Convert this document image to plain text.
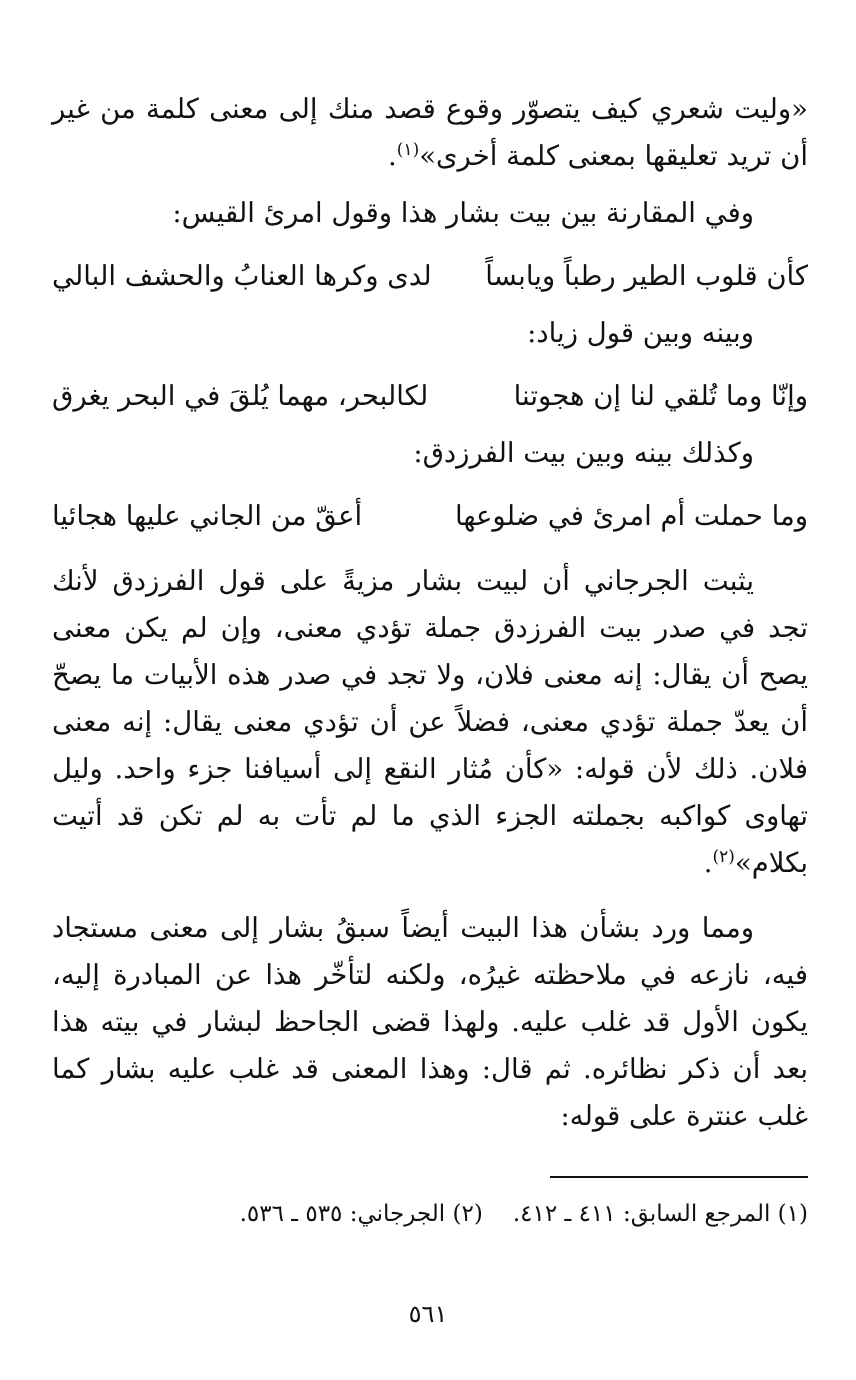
«وليت شعري كيف يتصوّر وقوع قصد منك إلى معنى كلمة من غير أن تريد تعليقها بمعنى كلمة أخرى»$^{(١)}$.

وفي المقارنة بين بيت بشار هذا وقول امرئ القيس:

كأن قلوب الطير رطباً ويابساً
لدى وكرها العنابُ والحشف البالي

وبينه وبين قول زياد:

وإنّا وما تُلقي لنا إن هجوتنا
لكالبحر، مهما يُلقَ في البحر يغرق

وكذلك بينه وبين بيت الفرزدق:

وما حملت أم امرئ في ضلوعها
أعقّ من الجاني عليها هجائيا

يثبت الجرجاني أن لبيت بشار مزيةً على قول الفرزدق لأنك تجد في صدر بيت الفرزدق جملة تؤدي معنى، وإن لم يكن معنى يصح أن يقال: إنه معنى فلان، ولا تجد في صدر هذه الأبيات ما يصحّ أن يعدّ جملة تؤدي معنى، فضلاً عن أن تؤدي معنى يقال: إنه معنى فلان. ذلك لأن قوله: «كأن مُثار النقع إلى أسيافنا جزء واحد. وليل تهاوى كواكبه بجملته الجزء الذي ما لم تأت به لم تكن قد أتيت بكلام»$^{(٢)}$.

ومما ورد بشأن هذا البيت أيضاً سبقُ بشار إلى معنى مستجاد فيه، نازعه في ملاحظته غيرُه، ولكنه لتأخّر هذا عن المبادرة إليه، يكون الأول قد غلب عليه. ولهذا قضى الجاحظ لبشار في بيته هذا بعد أن ذكر نظائره. ثم قال: وهذا المعنى قد غلب عليه بشار كما غلب عنترة على قوله:

(١) المرجع السابق: ٤١١ ـ ٤١٢.(٢) الجرجاني: ٥٣٥ ـ ٥٣٦.
٥٦١
